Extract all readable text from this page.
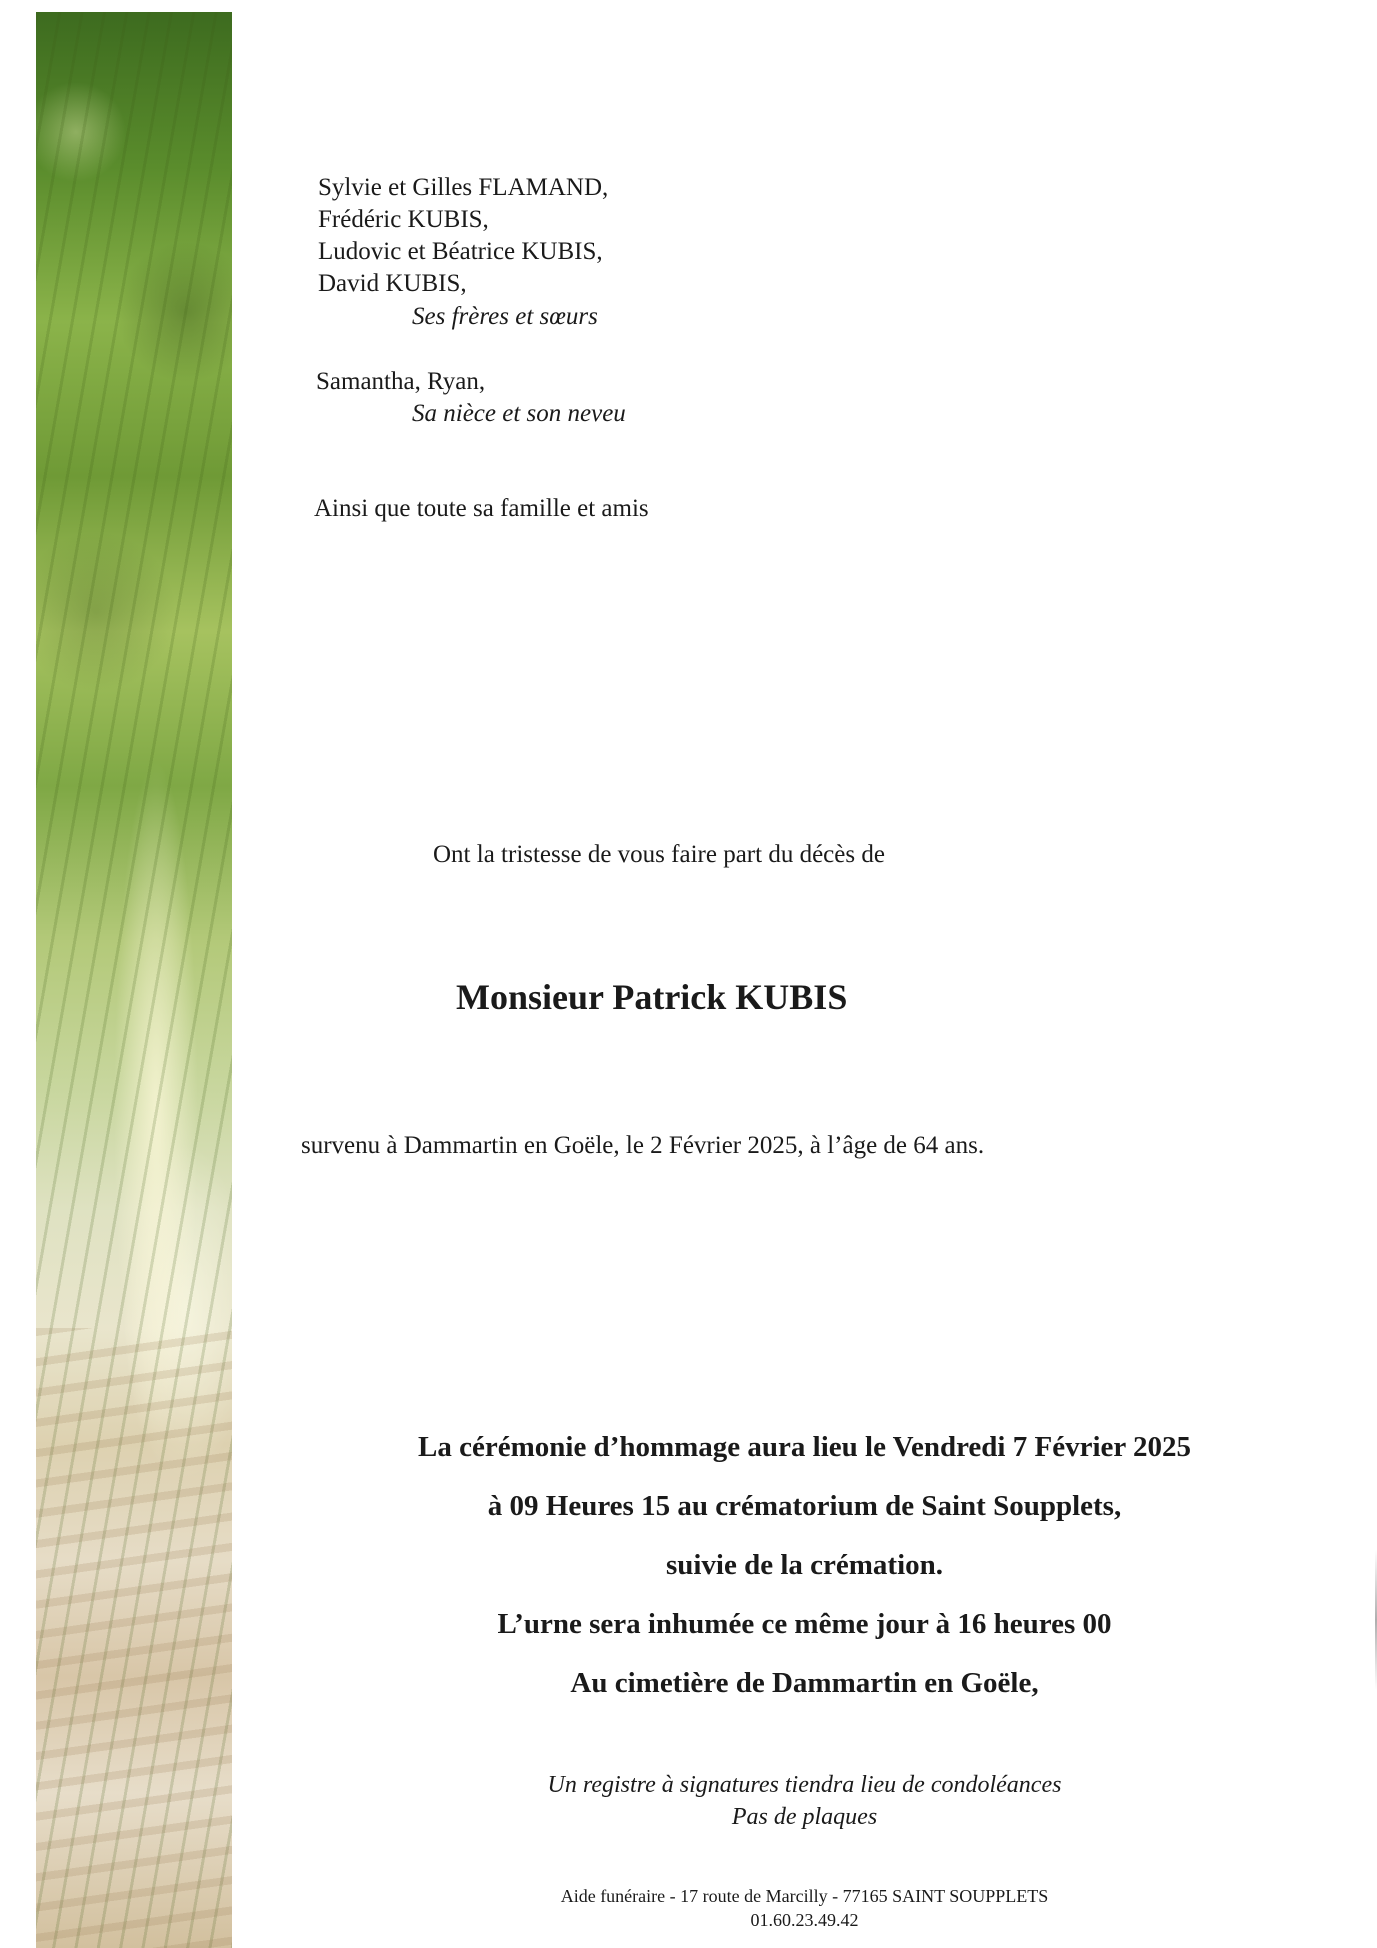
Sylvie et Gilles FLAMAND,

Frédéric KUBIS,

Ludovic et Béatrice KUBIS,

David KUBIS,

Ses frères et sœurs

Samantha, Ryan,

Sa nièce et son neveu

Ainsi que toute sa famille et amis

Ont la tristesse de vous faire part du décès de

Monsieur Patrick KUBIS

survenu à Dammartin en Goële, le 2 Février 2025, à l’âge de 64 ans.

La cérémonie d’hommage aura lieu le Vendredi 7 Février 2025

à 09 Heures 15 au crématorium de Saint Soupplets,

suivie de la crémation.

L’urne sera inhumée ce même jour à 16 heures 00

Au cimetière de Dammartin en Goële,

Un registre à signatures tiendra lieu de condoléances

Pas de plaques

Aide funéraire - 17 route de Marcilly - 77165 SAINT SOUPPLETS

01.60.23.49.42
